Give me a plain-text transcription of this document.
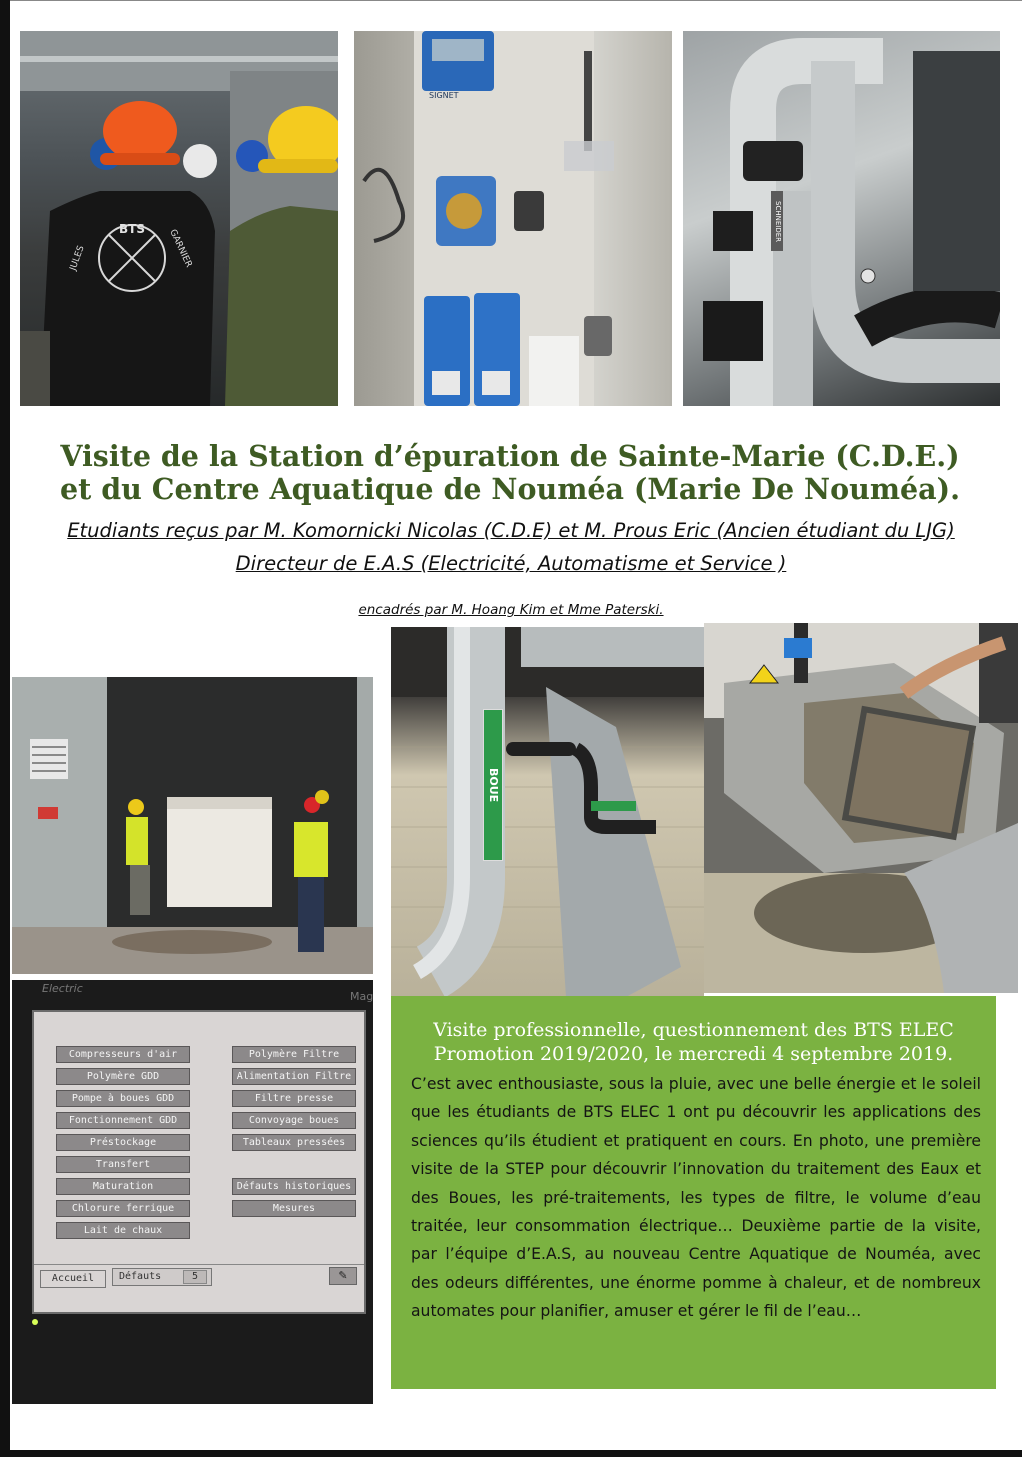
BTS
JULES	GARNIER
SIGNET
SCHNEIDER
Visite de la Station d’épuration de Sainte-Marie (C.D.E.)
et du Centre Aquatique de Nouméa (Marie De Nouméa).
Etudiants reçus par M. Komornicki Nicolas (C.D.E) et M. Prous Eric (Ancien étudiant du LJG)
Directeur de E.A.S (Electricité, Automatisme et Service )
encadrés par M. Hoang Kim et Mme Paterski.
BOUE
Electric
Mag
Compresseurs d'air
Polymère GDD
Pompe à boues GDD
Fonctionnement GDD
Préstockage
Transfert
Maturation
Chlorure ferrique
Lait de chaux
Polymère Filtre
Alimentation Filtre
Filtre presse
Convoyage boues
Tableaux pressées
Défauts historiques
Mesures
Accueil	Défauts	5	✎
Visite professionnelle, questionnement des BTS ELEC
Promotion 2019/2020, le mercredi 4 septembre 2019.
C’est avec enthousiaste, sous la pluie, avec une belle énergie et le soleil que les étudiants de BTS ELEC 1 ont pu découvrir les applications des sciences qu’ils étudient et pratiquent en cours. En photo, une première visite de la STEP pour découvrir l’innovation du traitement des Eaux et des Boues, les pré-traitements, les types de filtre, le volume d’eau traitée, leur consommation électrique… Deuxième partie de la visite, par l’équipe d’E.A.S, au nouveau Centre Aquatique de Nouméa, avec des odeurs différentes, une énorme pomme à chaleur, et de nombreux automates pour planifier, amuser et gérer le fil de l’eau…
